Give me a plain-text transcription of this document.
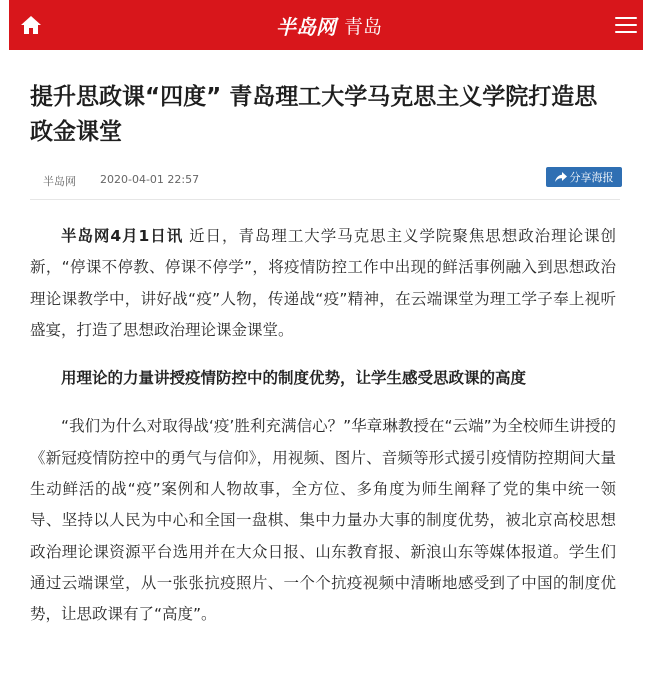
半岛网 青岛
提升思政课“四度” 青岛理工大学马克思主义学院打造思政金课堂
半岛网 2020-04-01 22:57	分享海报

半岛网4月1日讯 近日，青岛理工大学马克思主义学院聚焦思想政治理论课创新，“停课不停教、停课不停学”，将疫情防控工作中出现的鲜活事例融入到思想政治理论课教学中，讲好战“疫”人物，传递战“疫”精神，在云端课堂为理工学子奉上视听盛宴，打造了思想政治理论课金课堂。

用理论的力量讲授疫情防控中的制度优势，让学生感受思政课的高度

“我们为什么对取得战‘疫’胜利充满信心？”华章琳教授在“云端”为全校师生讲授的《新冠疫情防控中的勇气与信仰》，用视频、图片、音频等形式援引疫情防控期间大量生动鲜活的战“疫”案例和人物故事，全方位、多角度为师生阐释了党的集中统一领导、坚持以人民为中心和全国一盘棋、集中力量办大事的制度优势，被北京高校思想政治理论课资源平台选用并在大众日报、山东教育报、新浪山东等媒体报道。学生们通过云端课堂，从一张张抗疫照片、一个个抗疫视频中清晰地感受到了中国的制度优势，让思政课有了“高度”。
